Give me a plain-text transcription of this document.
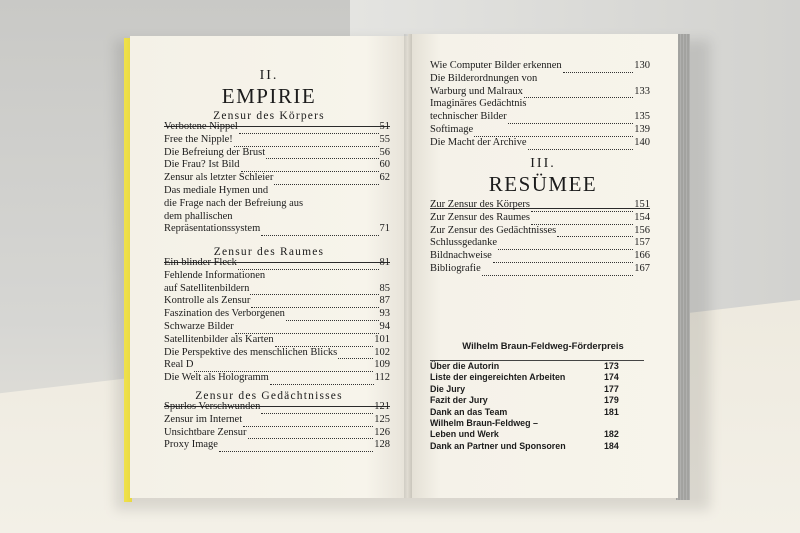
II.
EMPIRIE
Zensur des Körpers
Verbotene Nippel	51
Free the Nipple!	55
Die Befreiung der Brust	56
Die Frau? Ist Bild	60
Zensur als letzter Schleier	62
Das mediale Hymen und
die Frage nach der Befreiung aus
dem phallischen
Repräsentationssystem	71
Zensur des Raumes
Ein blinder Fleck	81
Fehlende Informationen
auf Satellitenbildern	85
Kontrolle als Zensur	87
Faszination des Verborgenen	93
Schwarze Bilder	94
Satellitenbilder als Karten	101
Die Perspektive des menschlichen Blicks	102
Real D	109
Die Welt als Hologramm	112
Zensur des Gedächtnisses
Spurlos Verschwunden	121
Zensur im Internet	125
Unsichtbare Zensur	126
Proxy Image	128
Wie Computer Bilder erkennen	130
Die Bilderordnungen von
Warburg und Malraux	133
Imaginäres Gedächtnis
technischer Bilder	135
Softimage	139
Die Macht der Archive	140
III.
RESÜMEE
Zur Zensur des Körpers	151
Zur Zensur des Raumes	154
Zur Zensur des Gedächtnisses	156
Schlussgedanke	157
Bildnachweise	166
Bibliografie	167
Wilhelm Braun-Feldweg-Förderpreis
Über die Autorin	173
Liste der eingereichten Arbeiten	174
Die Jury	177
Fazit der Jury	179
Dank an das Team	181
Wilhelm Braun-Feldweg –
Leben und Werk	182
Dank an Partner und Sponsoren	184
